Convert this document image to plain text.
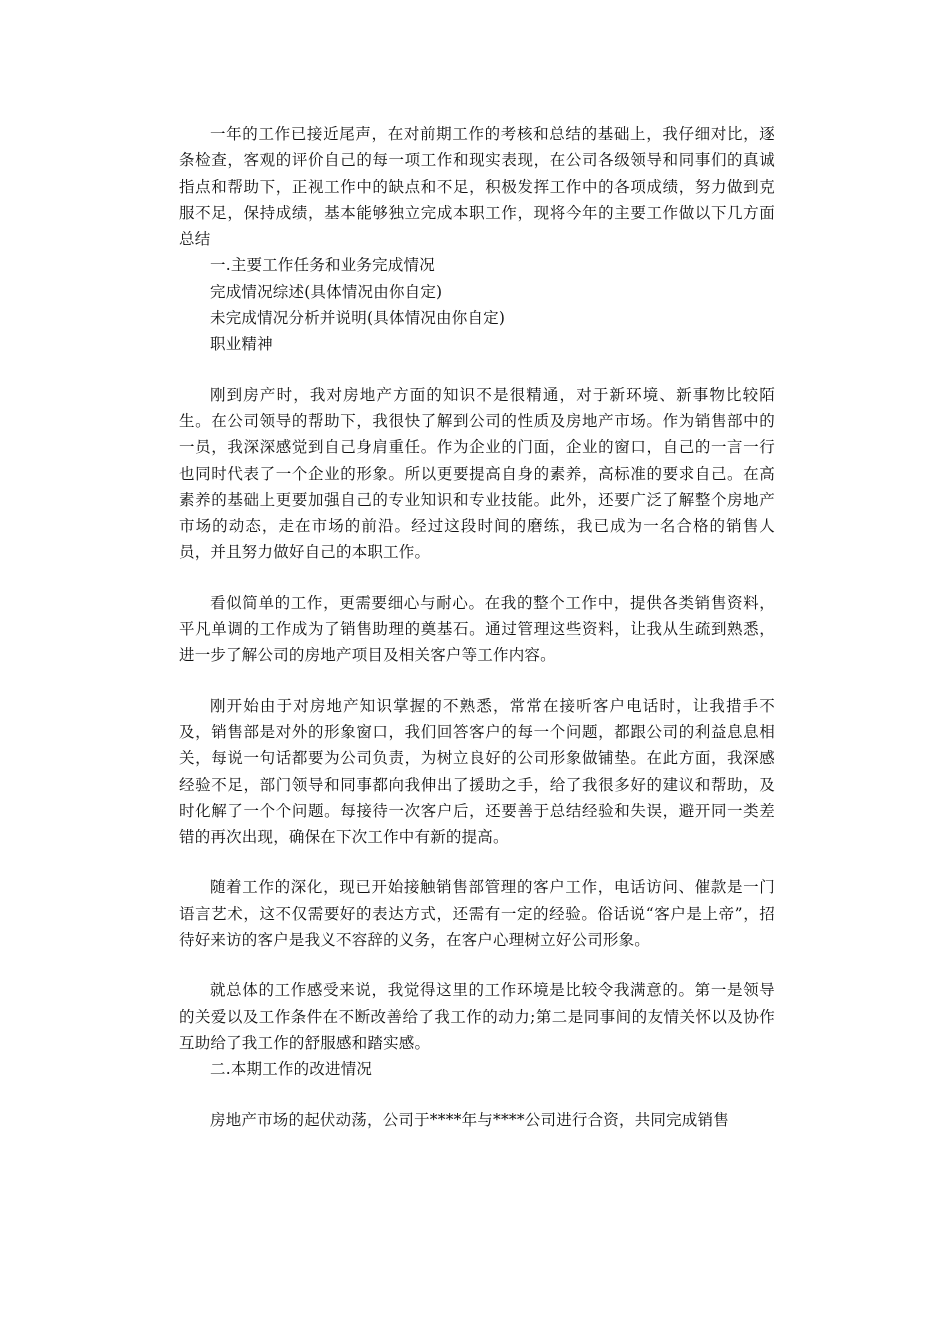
一年的工作已接近尾声，在对前期工作的考核和总结的基础上，我仔细对比，逐条检查，客观的评价自己的每一项工作和现实表现，在公司各级领导和同事们的真诚指点和帮助下，正视工作中的缺点和不足，积极发挥工作中的各项成绩，努力做到克服不足，保持成绩，基本能够独立完成本职工作，现将今年的主要工作做以下几方面总结

一.主要工作任务和业务完成情况

完成情况综述(具体情况由你自定)

未完成情况分析并说明(具体情况由你自定)

职业精神

刚到房产时，我对房地产方面的知识不是很精通，对于新环境、新事物比较陌生。在公司领导的帮助下，我很快了解到公司的性质及房地产市场。作为销售部中的一员，我深深感觉到自己身肩重任。作为企业的门面，企业的窗口，自己的一言一行也同时代表了一个企业的形象。所以更要提高自身的素养，高标准的要求自己。在高素养的基础上更要加强自己的专业知识和专业技能。此外，还要广泛了解整个房地产市场的动态，走在市场的前沿。经过这段时间的磨练，我已成为一名合格的销售人员，并且努力做好自己的本职工作。

看似简单的工作，更需要细心与耐心。在我的整个工作中，提供各类销售资料，平凡单调的工作成为了销售助理的奠基石。通过管理这些资料，让我从生疏到熟悉，进一步了解公司的房地产项目及相关客户等工作内容。

刚开始由于对房地产知识掌握的不熟悉，常常在接听客户电话时，让我措手不及，销售部是对外的形象窗口，我们回答客户的每一个问题，都跟公司的利益息息相关，每说一句话都要为公司负责，为树立良好的公司形象做铺垫。在此方面，我深感经验不足，部门领导和同事都向我伸出了援助之手，给了我很多好的建议和帮助，及时化解了一个个问题。每接待一次客户后，还要善于总结经验和失误，避开同一类差错的再次出现，确保在下次工作中有新的提高。

随着工作的深化，现已开始接触销售部管理的客户工作，电话访问、催款是一门语言艺术，这不仅需要好的表达方式，还需有一定的经验。俗话说“客户是上帝”，招待好来访的客户是我义不容辞的义务，在客户心理树立好公司形象。

就总体的工作感受来说，我觉得这里的工作环境是比较令我满意的。第一是领导的关爱以及工作条件在不断改善给了我工作的动力;第二是同事间的友情关怀以及协作互助给了我工作的舒服感和踏实感。

二.本期工作的改进情况

房地产市场的起伏动荡，公司于****年与****公司进行合资，共同完成销售
